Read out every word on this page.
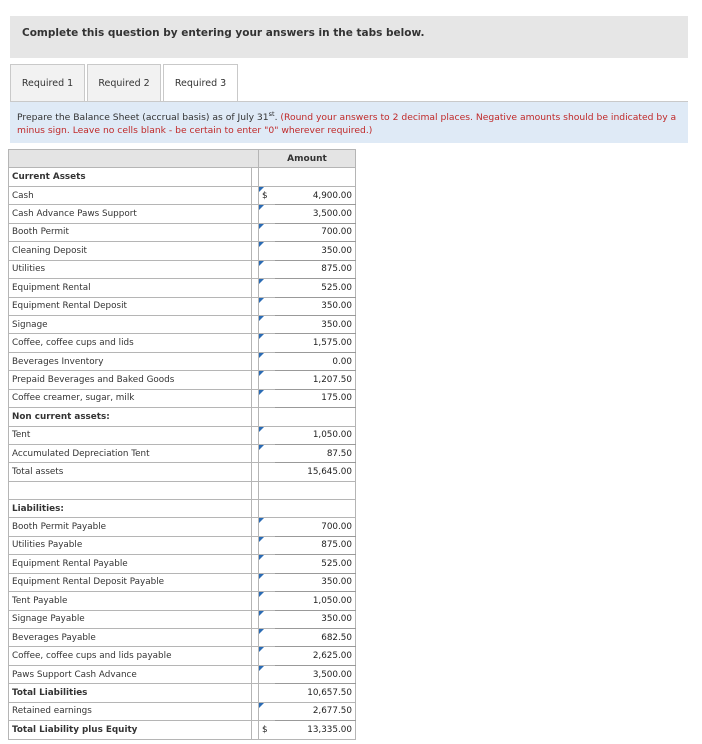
Complete this question by entering your answers in the tabs below.
Required 1	Required 2	Required 3
Prepare the Balance Sheet (accrual basis) as of July 31st. (Round your answers to 2 decimal places. Negative amounts should be indicated by a minus sign. Leave no cells blank - be certain to enter "0" wherever required.)
		Amount	
Current Assets			
Cash		$	4,900.00
Cash Advance Paws Support			3,500.00
Booth Permit			700.00
Cleaning Deposit			350.00
Utilities			875.00
Equipment Rental			525.00
Equipment Rental Deposit			350.00
Signage			350.00
Coffee, coffee cups and lids			1,575.00
Beverages Inventory			0.00
Prepaid Beverages and Baked Goods			1,207.50
Coffee creamer, sugar, milk			175.00
Non current assets:			
Tent			1,050.00
Accumulated Depreciation Tent			87.50
Total assets			15,645.00

Liabilities:			
Booth Permit Payable			700.00
Utilities Payable			875.00
Equipment Rental Payable			525.00
Equipment Rental Deposit Payable			350.00
Tent Payable			1,050.00
Signage Payable			350.00
Beverages Payable			682.50
Coffee, coffee cups and lids payable			2,625.00
Paws Support Cash Advance			3,500.00
Total Liabilities			10,657.50
Retained earnings			2,677.50
Total Liability plus Equity		$	13,335.00
